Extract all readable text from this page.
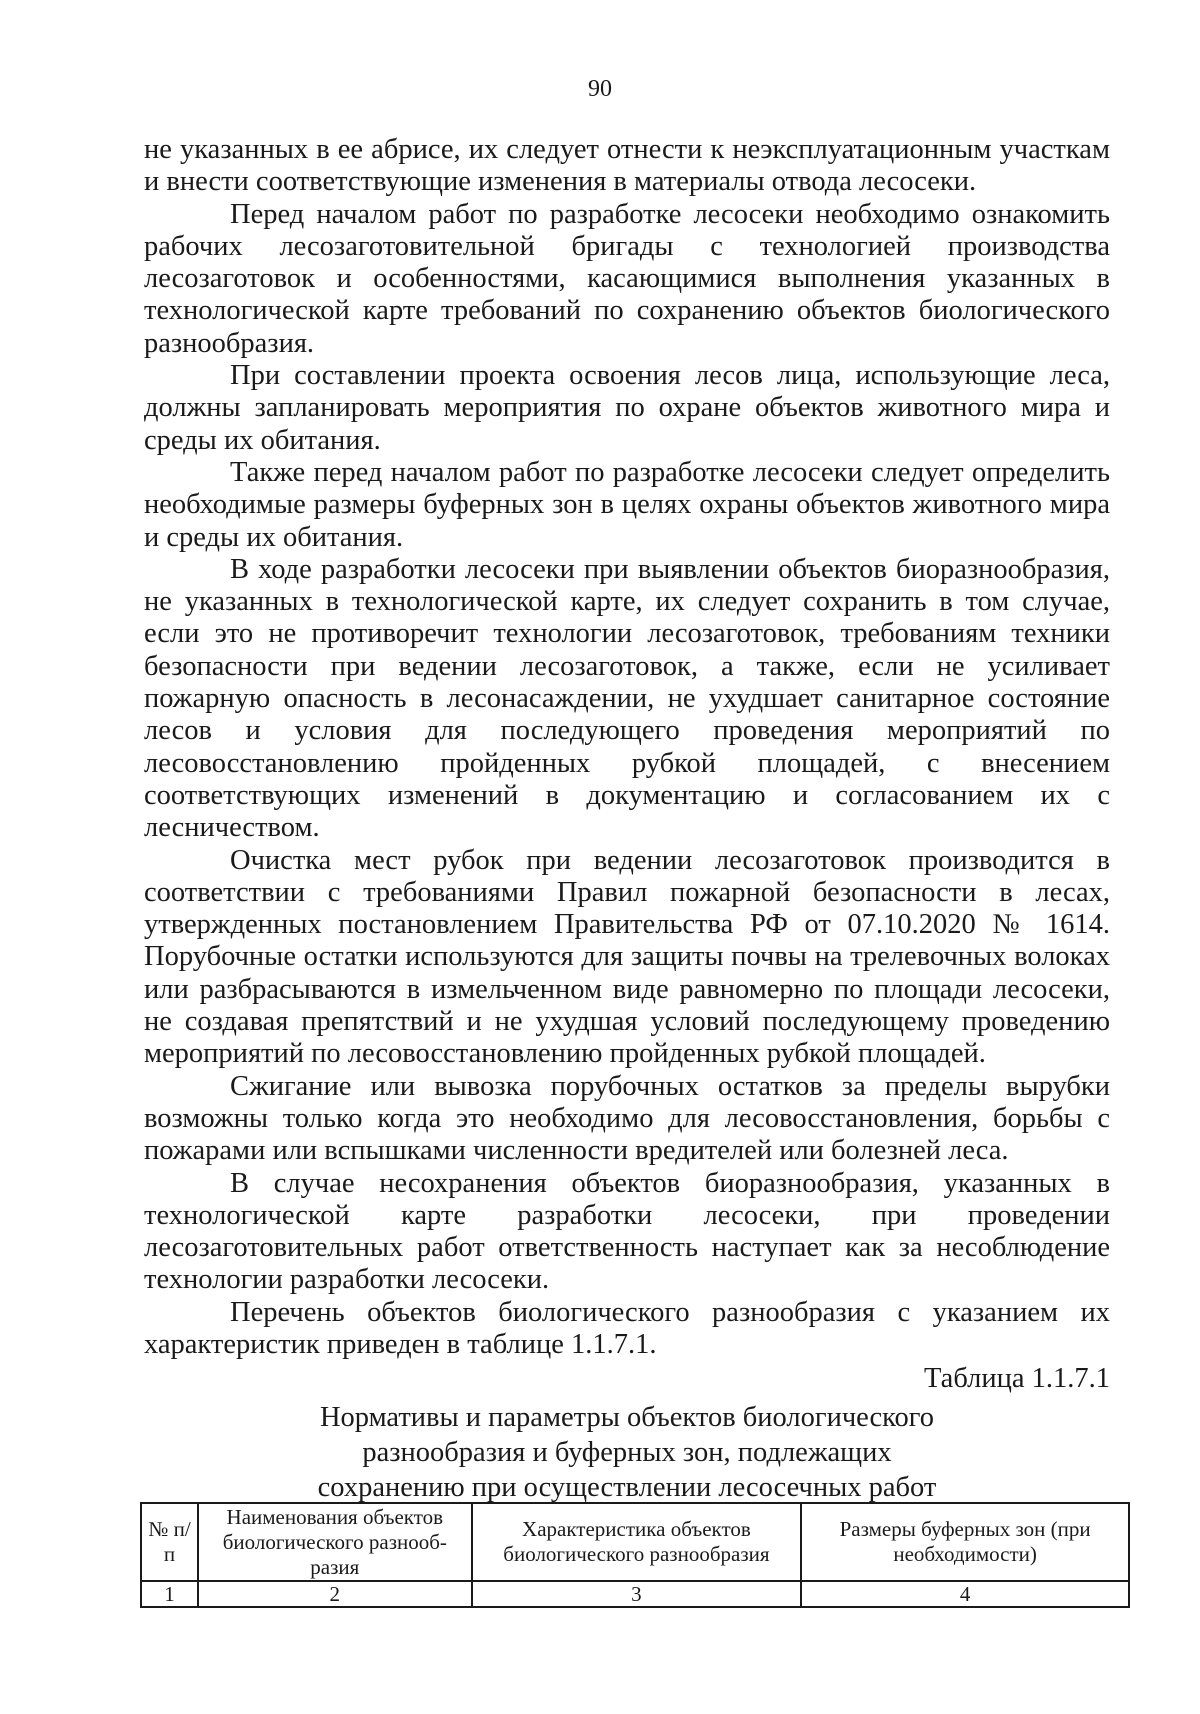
90

не указанных в ее абрисе, их следует отнести к неэксплуатационным участкам и внести соответствующие изменения в материалы отвода лесосеки.

Перед началом работ по разработке лесосеки необходимо ознакомить рабочих лесозаготовительной бригады с технологией производства лесозаготовок и особенностями, касающимися выполнения указанных в технологической карте требований по сохранению объектов биологического разнообразия.

При составлении проекта освоения лесов лица, использующие леса, должны запланировать мероприятия по охране объектов животного мира и среды их обитания.

Также перед началом работ по разработке лесосеки следует определить необходимые размеры буферных зон в целях охраны объектов животного мира и среды их обитания.

В ходе разработки лесосеки при выявлении объектов биоразнообразия, не указанных в технологической карте, их следует сохранить в том случае, если это не противоречит технологии лесозаготовок, требованиям техники безопасности при ведении лесозаготовок, а также, если не усиливает пожарную опасность в лесонасаждении, не ухудшает санитарное состояние лесов и условия для последующего проведения мероприятий по лесовосстановлению пройденных рубкой площадей, с внесением соответствующих изменений в документацию и согласованием их с лесничеством.

Очистка мест рубок при ведении лесозаготовок производится в соответствии с требованиями Правил пожарной безопасности в лесах, утвержденных постановлением Правительства РФ от 07.10.2020 № 1614. Порубочные остатки используются для защиты почвы на трелевочных волоках или разбрасываются в измельченном виде равномерно по площади лесосеки, не создавая препятствий и не ухудшая условий последующему проведению мероприятий по лесовосстановлению пройденных рубкой площадей.

Сжигание или вывозка порубочных остатков за пределы вырубки возможны только когда это необходимо для лесовосстановления, борьбы с пожарами или вспышками численности вредителей или болезней леса.

В случае несохранения объектов биоразнообразия, указанных в технологической карте разработки лесосеки, при проведении лесозаготовительных работ ответственность наступает как за несоблюдение технологии разработки лесосеки.

Перечень объектов биологического разнообразия с указанием их характеристик приведен в таблице 1.1.7.1.

Таблица 1.1.7.1

Нормативы и параметры объектов биологического
разнообразия и буферных зон, подлежащих
сохранению при осуществлении лесосечных работ
№ п/п	Наименования объектов биологического разнооб-разия	Характеристика объектов биологического разнообразия	Размеры буферных зон (при необходимости)
1	2	3	4
